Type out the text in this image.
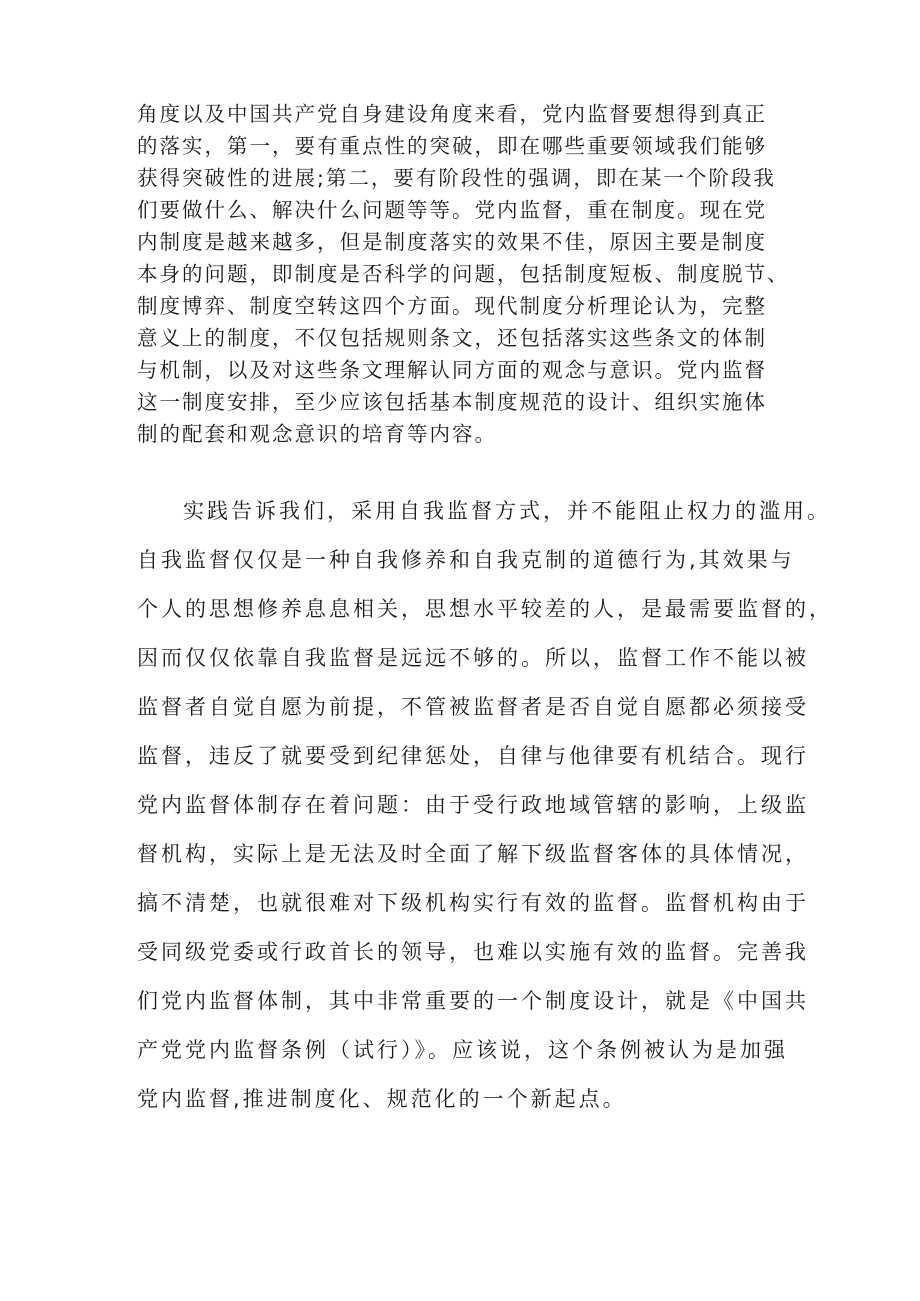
角度以及中国共产党自身建设角度来看，党内监督要想得到真正
的落实，第一，要有重点性的突破，即在哪些重要领域我们能够
获得突破性的进展;第二，要有阶段性的强调，即在某一个阶段我
们要做什么、解决什么问题等等。党内监督，重在制度。现在党
内制度是越来越多，但是制度落实的效果不佳，原因主要是制度
本身的问题，即制度是否科学的问题，包括制度短板、制度脱节、
制度博弈、制度空转这四个方面。现代制度分析理论认为，完整
意义上的制度，不仅包括规则条文，还包括落实这些条文的体制
与机制，以及对这些条文理解认同方面的观念与意识。党内监督
这一制度安排，至少应该包括基本制度规范的设计、组织实施体
制的配套和观念意识的培育等内容。
实践告诉我们，采用自我监督方式，并不能阻止权力的滥用。
自我监督仅仅是一种自我修养和自我克制的道德行为,其效果与
个人的思想修养息息相关，思想水平较差的人，是最需要监督的，
因而仅仅依靠自我监督是远远不够的。所以，监督工作不能以被
监督者自觉自愿为前提，不管被监督者是否自觉自愿都必须接受
监督，违反了就要受到纪律惩处，自律与他律要有机结合。现行
党内监督体制存在着问题：由于受行政地域管辖的影响，上级监
督机构，实际上是无法及时全面了解下级监督客体的具体情况，
搞不清楚，也就很难对下级机构实行有效的监督。监督机构由于
受同级党委或行政首长的领导，也难以实施有效的监督。完善我
们党内监督体制，其中非常重要的一个制度设计，就是《中国共
产党党内监督条例（试行）》。应该说，这个条例被认为是加强
党内监督,推进制度化、规范化的一个新起点。
